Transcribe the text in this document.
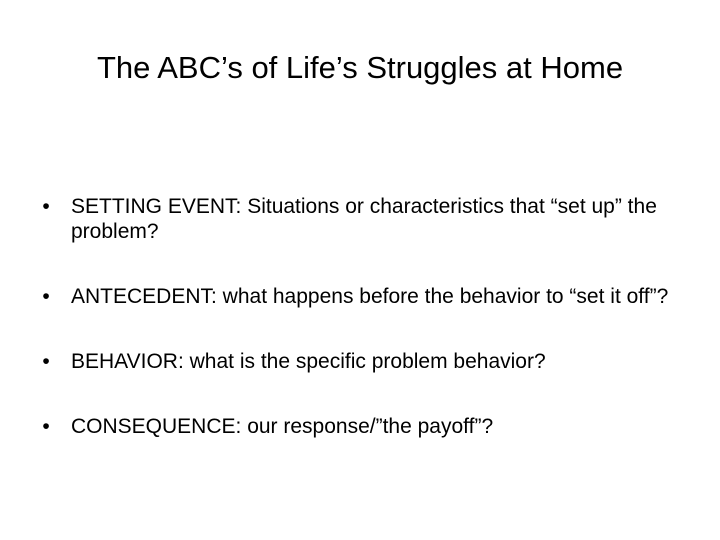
The ABC’s of Life’s Struggles at Home
•	SETTING EVENT: Situations or characteristics that “set up” the problem?
•	ANTECEDENT: what happens before the behavior to “set it off”?
•	BEHAVIOR: what is the specific problem behavior?
•	CONSEQUENCE: our response/”the payoff”?
